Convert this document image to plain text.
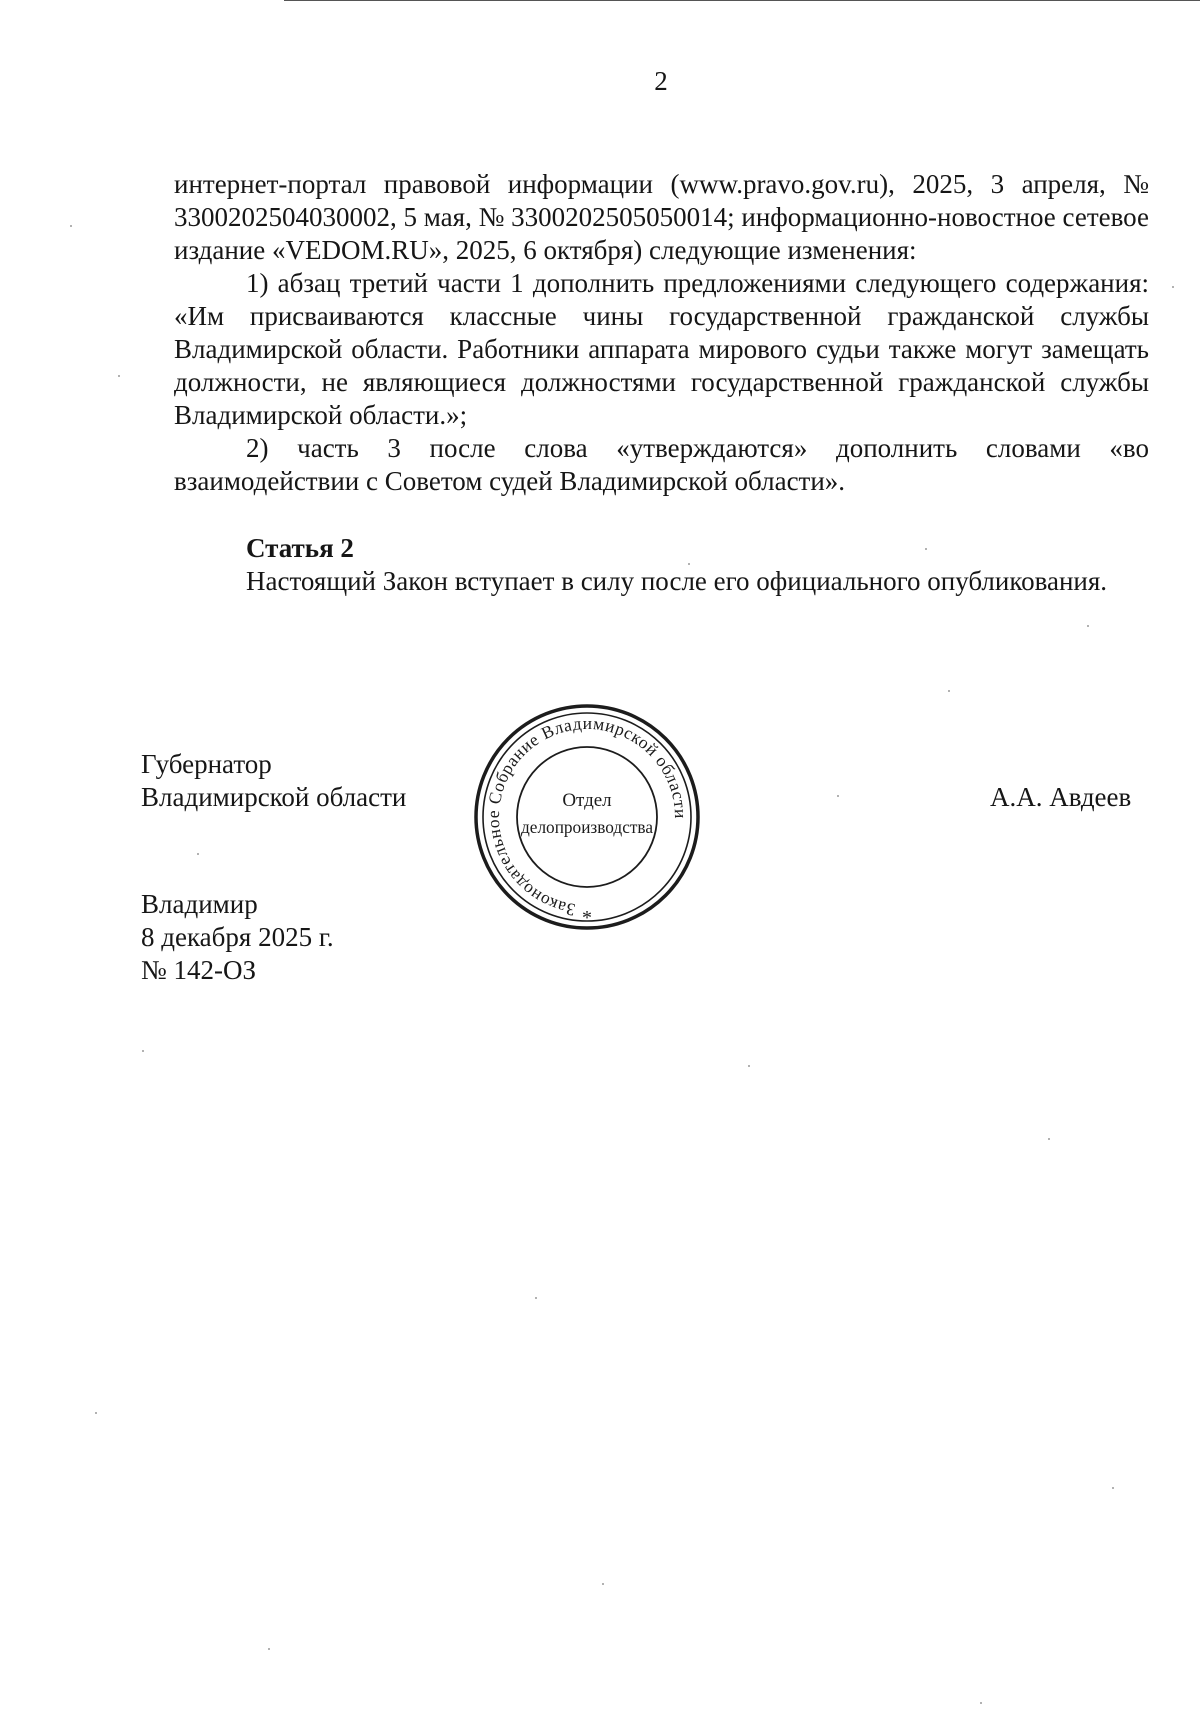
2

интернет-портал правовой информации (www.pravo.gov.ru), 2025, 3 апреля, № 3300202504030002, 5 мая, № 3300202505050014; информационно-новостное сетевое издание «VEDOM.RU», 2025, 6 октября) следующие изменения:

1) абзац третий части 1 дополнить предложениями следующего содержания: «Им присваиваются классные чины государственной гражданской службы Владимирской области. Работники аппарата мирового судьи также могут замещать должности, не являющиеся должностями государственной гражданской службы Владимирской области.»;

2) часть 3 после слова «утверждаются» дополнить словами «во взаимодействии с Советом судей Владимирской области».

Статья 2

Настоящий Закон вступает в силу после его официального опубликования.

Губернатор
Владимирской области
Законодательное Собрание Владимирской области
Отдел
делопроизводства
*
А.А. Авдеев
Владимир
8 декабря 2025 г.
№ 142-ОЗ
